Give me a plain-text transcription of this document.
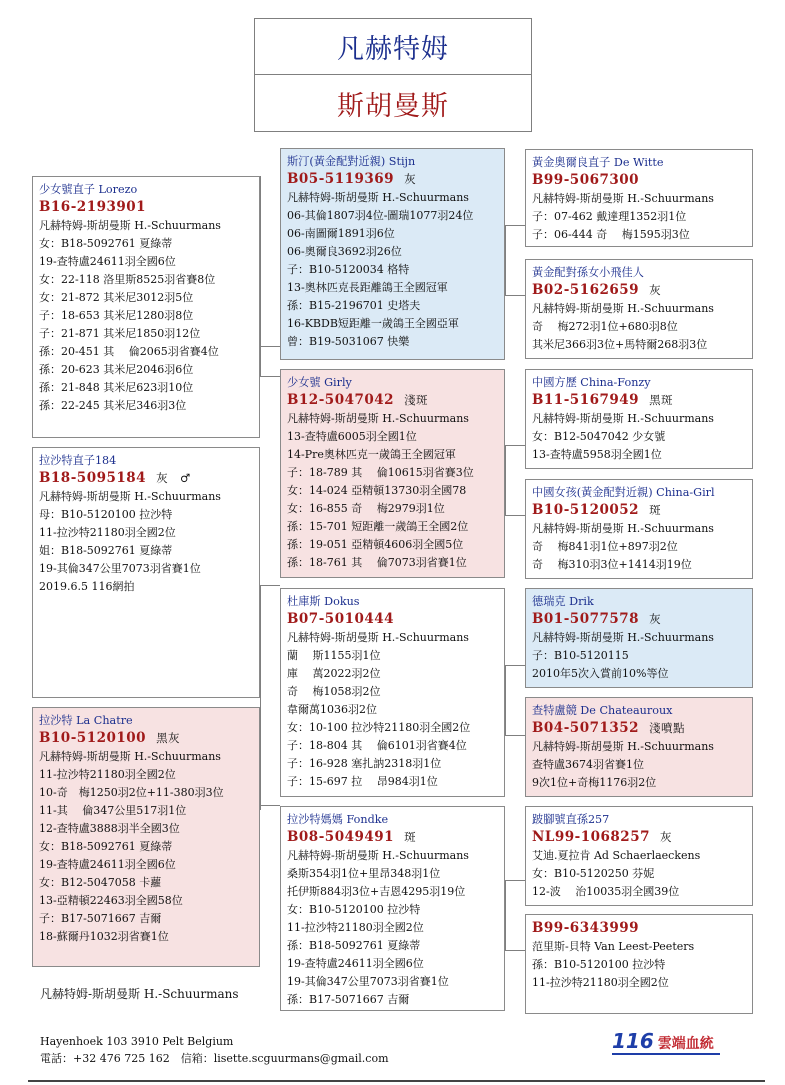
凡赫特姆
斯胡曼斯
少女號直子 Lorezo
B16-2193901
凡赫特姆-斯胡曼斯 H.-Schuurmans
女：B18-5092761 夏綠蒂
19-查特盧24611羽全國6位
女：22-118 洛里斯8525羽省賽8位
女：21-872 其米尼3012羽5位
子：18-653 其米尼1280羽8位
子：21-871 其米尼1850羽12位
孫：20-451 其　 倫2065羽省賽4位
孫：20-623 其米尼2046羽6位
孫：21-848 其米尼623羽10位
孫：22-245 其米尼346羽3位
拉沙特直子184
B18-5095184 灰　♂
凡赫特姆-斯胡曼斯 H.-Schuurmans
母：B10-5120100 拉沙特
11-拉沙特21180羽全國2位
姐：B18-5092761 夏綠蒂
19-其倫347公里7073羽省賽1位
2019.6.5 116網拍
拉沙特 La Chatre
B10-5120100 黑灰
凡赫特姆-斯胡曼斯 H.-Schuurmans
11-拉沙特21180羽全國2位
10-奇　梅1250羽2位+11-380羽3位
11-其　 倫347公里517羽1位
12-查特盧3888羽半全國3位
女：B18-5092761 夏綠蒂
19-查特盧24611羽全國6位
女：B12-5047058 卡蘿
13-亞精頓22463羽全國58位
子：B17-5071667 吉爾
18-蘇爾丹1032羽省賽1位
斯汀(黃金配對近親) Stijn
B05-5119369 灰
凡赫特姆-斯胡曼斯 H.-Schuurmans
06-其倫1807羽4位-圖瑞1077羽24位
06-南圖爾1891羽6位
06-奧爾良3692羽26位
子：B10-5120034 格特
13-奧林匹克長距離鴿王全國冠軍
孫：B15-2196701 史塔夫
16-KBDB短距離一歲鴿王全國亞軍
曾：B19-5031067 快樂
少女號 Girly
B12-5047042 淺斑
凡赫特姆-斯胡曼斯 H.-Schuurmans
13-查特盧6005羽全國1位
14-Pre奧林匹克一歲鴿王全國冠軍
子：18-789 其　 倫10615羽省賽3位
女：14-024 亞精頓13730羽全國78
女：16-855 奇　 梅2979羽1位
孫：15-701 短距離一歲鴿王全國2位
孫：19-051 亞精頓4606羽全國5位
孫：18-761 其　 倫7073羽省賽1位
杜庫斯 Dokus
B07-5010444
凡赫特姆-斯胡曼斯 H.-Schuurmans
蘭　 斯1155羽1位
庫　 萬2022羽2位
奇　 梅1058羽2位
韋爾萬1036羽2位
女：10-100 拉沙特21180羽全國2位
子：18-804 其　 倫6101羽省賽4位
子：16-928 塞扎訥2318羽1位
子：15-697 拉　 昂984羽1位
拉沙特媽媽 Fondke
B08-5049491 斑
凡赫特姆-斯胡曼斯 H.-Schuurmans
桑斯354羽1位+里昂348羽1位
托伊斯884羽3位+吉恩4295羽19位
女：B10-5120100 拉沙特
11-拉沙特21180羽全國2位
孫：B18-5092761 夏綠蒂
19-查特盧24611羽全國6位
19-其倫347公里7073羽省賽1位
孫：B17-5071667 吉爾
黃金奧爾良直子 De Witte
B99-5067300
凡赫特姆-斯胡曼斯 H.-Schuurmans
子：07-462 戴達理1352羽1位
子：06-444 奇　 梅1595羽3位
黃金配對孫女小飛佳人
B02-5162659 灰
凡赫特姆-斯胡曼斯 H.-Schuurmans
奇　 梅272羽1位+680羽8位
其米尼366羽3位+馬特爾268羽3位
中國方歷 China-Fonzy
B11-5167949 黑斑
凡赫特姆-斯胡曼斯 H.-Schuurmans
女：B12-5047042 少女號
13-查特盧5958羽全國1位
中國女孩(黃金配對近親) China-Girl
B10-5120052 斑
凡赫特姆-斯胡曼斯 H.-Schuurmans
奇　 梅841羽1位+897羽2位
奇　 梅310羽3位+1414羽19位
德瑞克 Drik
B01-5077578 灰
凡赫特姆-斯胡曼斯 H.-Schuurmans
子：B10-5120115
2010年5次入賞前10%等位
查特盧競 De Chateauroux
B04-5071352 淺噴點
凡赫特姆-斯胡曼斯 H.-Schuurmans
查特盧3674羽省賽1位
9次1位+奇梅1176羽2位
跛腳號直孫257
NL99-1068257 灰
艾迪.夏拉肯 Ad Schaerlaeckens
女：B10-5120250 芬妮
12-波　 治10035羽全國39位
B99-6343999
范里斯-貝特 Van Leest-Peeters
孫：B10-5120100 拉沙特
11-拉沙特21180羽全國2位
凡赫特姆-斯胡曼斯 H.-Schuurmans
Hayenhoek 103 3910 Pelt Belgium
電話：+32 476 725 162　信箱：lisette.scguurmans@gmail.com
116 雲端血統
